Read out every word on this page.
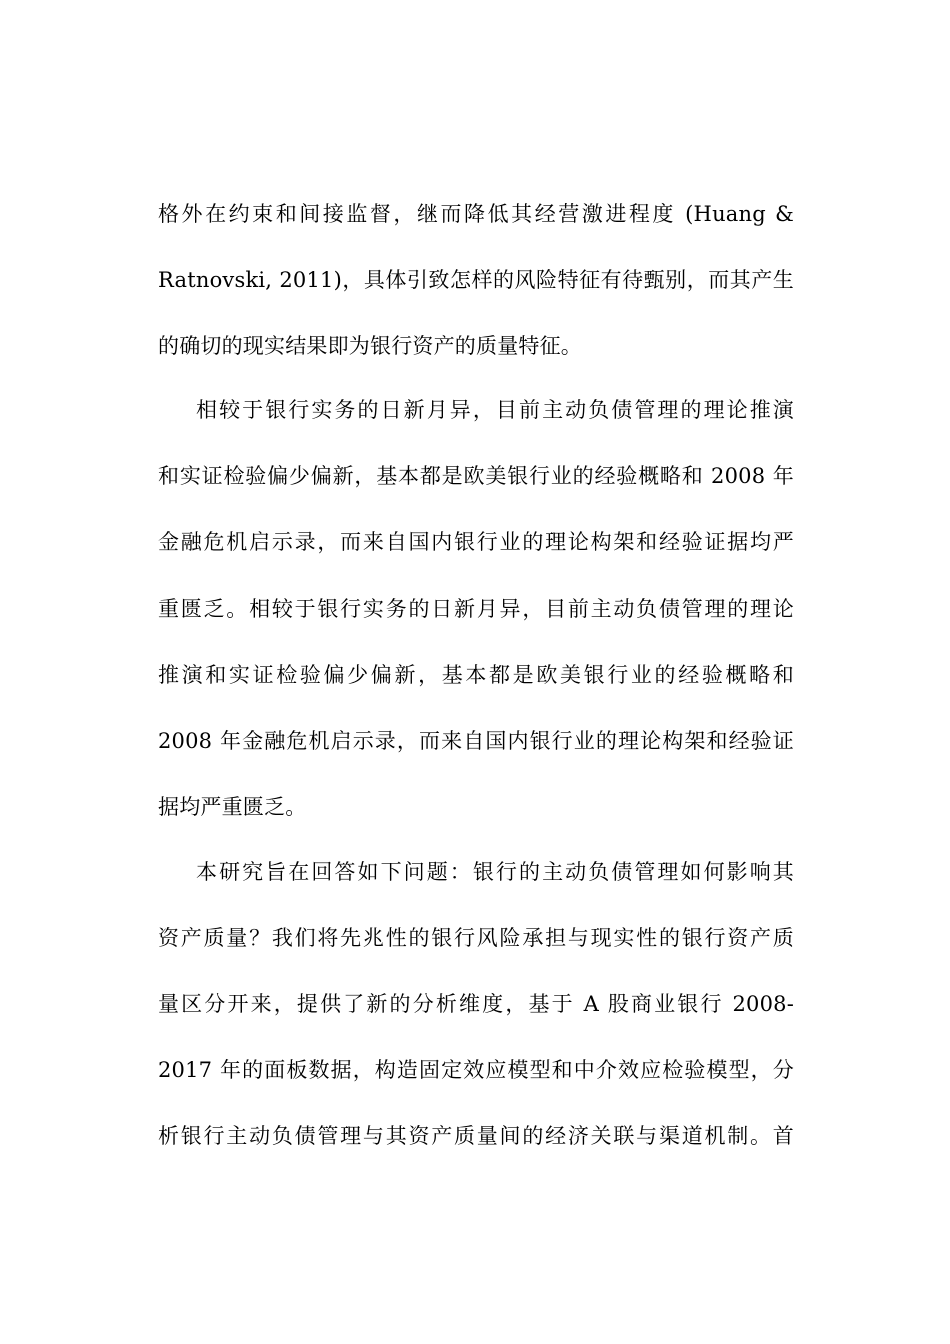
格外在约束和间接监督，继而降低其经营激进程度 (Huang &
Ratnovski, 2011)，具体引致怎样的风险特征有待甄别，而其产生
的确切的现实结果即为银行资产的质量特征。
相较于银行实务的日新月异，目前主动负债管理的理论推演
和实证检验偏少偏新，基本都是欧美银行业的经验概略和 2008 年
金融危机启示录，而来自国内银行业的理论构架和经验证据均严
重匮乏。相较于银行实务的日新月异，目前主动负债管理的理论
推演和实证检验偏少偏新，基本都是欧美银行业的经验概略和
2008 年金融危机启示录，而来自国内银行业的理论构架和经验证
据均严重匮乏。
本研究旨在回答如下问题：银行的主动负债管理如何影响其
资产质量？我们将先兆性的银行风险承担与现实性的银行资产质
量区分开来，提供了新的分析维度，基于 A 股商业银行 2008-
2017 年的面板数据，构造固定效应模型和中介效应检验模型，分
析银行主动负债管理与其资产质量间的经济关联与渠道机制。首
